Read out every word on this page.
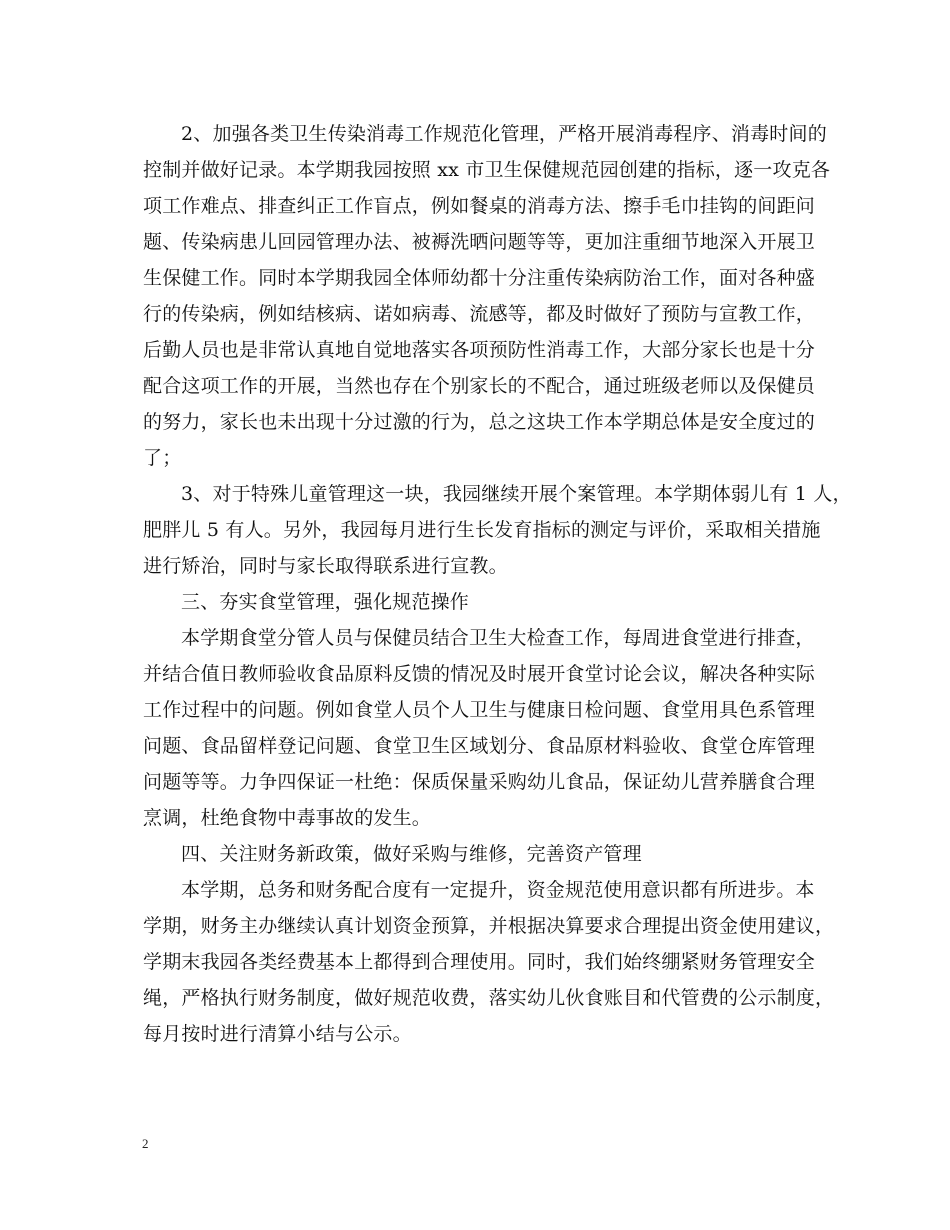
2、加强各类卫生传染消毒工作规范化管理，严格开展消毒程序、消毒时间的
控制并做好记录。本学期我园按照 xx 市卫生保健规范园创建的指标，逐一攻克各
项工作难点、排查纠正工作盲点，例如餐桌的消毒方法、擦手毛巾挂钩的间距问
题、传染病患儿回园管理办法、被褥洗晒问题等等，更加注重细节地深入开展卫
生保健工作。同时本学期我园全体师幼都十分注重传染病防治工作，面对各种盛
行的传染病，例如结核病、诺如病毒、流感等，都及时做好了预防与宣教工作，
后勤人员也是非常认真地自觉地落实各项预防性消毒工作，大部分家长也是十分
配合这项工作的开展，当然也存在个别家长的不配合，通过班级老师以及保健员
的努力，家长也未出现十分过激的行为，总之这块工作本学期总体是安全度过的
了；
3、对于特殊儿童管理这一块，我园继续开展个案管理。本学期体弱儿有 1 人，
肥胖儿 5 有人。另外，我园每月进行生长发育指标的测定与评价，采取相关措施
进行矫治，同时与家长取得联系进行宣教。
三、夯实食堂管理，强化规范操作
本学期食堂分管人员与保健员结合卫生大检查工作，每周进食堂进行排查，
并结合值日教师验收食品原料反馈的情况及时展开食堂讨论会议，解决各种实际
工作过程中的问题。例如食堂人员个人卫生与健康日检问题、食堂用具色系管理
问题、食品留样登记问题、食堂卫生区域划分、食品原材料验收、食堂仓库管理
问题等等。力争四保证一杜绝：保质保量采购幼儿食品，保证幼儿营养膳食合理
烹调，杜绝食物中毒事故的发生。
四、关注财务新政策，做好采购与维修，完善资产管理
本学期，总务和财务配合度有一定提升，资金规范使用意识都有所进步。本
学期，财务主办继续认真计划资金预算，并根据决算要求合理提出资金使用建议，
学期末我园各类经费基本上都得到合理使用。同时，我们始终绷紧财务管理安全
绳，严格执行财务制度，做好规范收费，落实幼儿伙食账目和代管费的公示制度，
每月按时进行清算小结与公示。
2
